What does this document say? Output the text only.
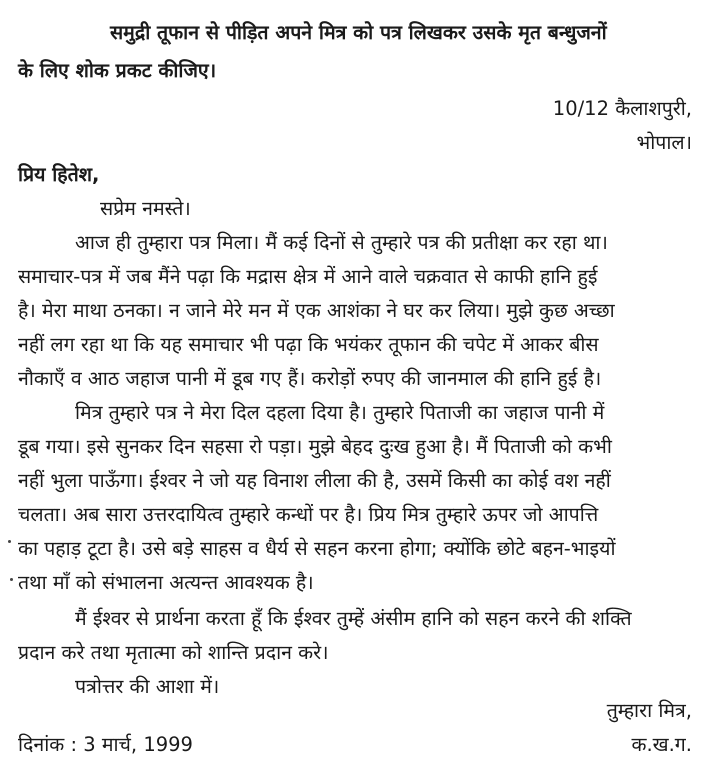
समुद्री तूफान से पीड़ित अपने मित्र को पत्र लिखकर उसके मृत बन्धुजनों
के लिए शोक प्रकट कीजिए।
10/12 कैलाशपुरी,
भोपाल।
प्रिय हितेश,
सप्रेम नमस्ते।
आज ही तुम्हारा पत्र मिला। मैं कई दिनों से तुम्हारे पत्र की प्रतीक्षा कर रहा था।
समाचार-पत्र में जब मैंने पढ़ा कि मद्रास क्षेत्र में आने वाले चक्रवात से काफी हानि हुई
है। मेरा माथा ठनका। न जाने मेरे मन में एक आशंका ने घर कर लिया। मुझे कुछ अच्छा
नहीं लग रहा था कि यह समाचार भी पढ़ा कि भयंकर तूफान की चपेट में आकर बीस
नौकाएँ व आठ जहाज पानी में डूब गए हैं। करोड़ों रुपए की जानमाल की हानि हुई है।
मित्र तुम्हारे पत्र ने मेरा दिल दहला दिया है। तुम्हारे पिताजी का जहाज पानी में
डूब गया। इसे सुनकर दिन सहसा रो पड़ा। मुझे बेहद दुःख हुआ है। मैं पिताजी को कभी
नहीं भुला पाऊँगा। ईश्वर ने जो यह विनाश लीला की है, उसमें किसी का कोई वश नहीं
चलता। अब सारा उत्तरदायित्व तुम्हारे कन्धों पर है। प्रिय मित्र तुम्हारे ऊपर जो आपत्ति
का पहाड़ टूटा है। उसे बड़े साहस व धैर्य से सहन करना होगा; क्योंकि छोटे बहन-भाइयों
तथा माँ को संभालना अत्यन्त आवश्यक है।
मैं ईश्वर से प्रार्थना करता हूँ कि ईश्वर तुम्हें अंसीम हानि को सहन करने की शक्ति
प्रदान करे तथा मृतात्मा को शान्ति प्रदान करे।
पत्रोत्तर की आशा में।
तुम्हारा मित्र,
दिनांक : 3 मार्च, 1999	क.ख.ग.
